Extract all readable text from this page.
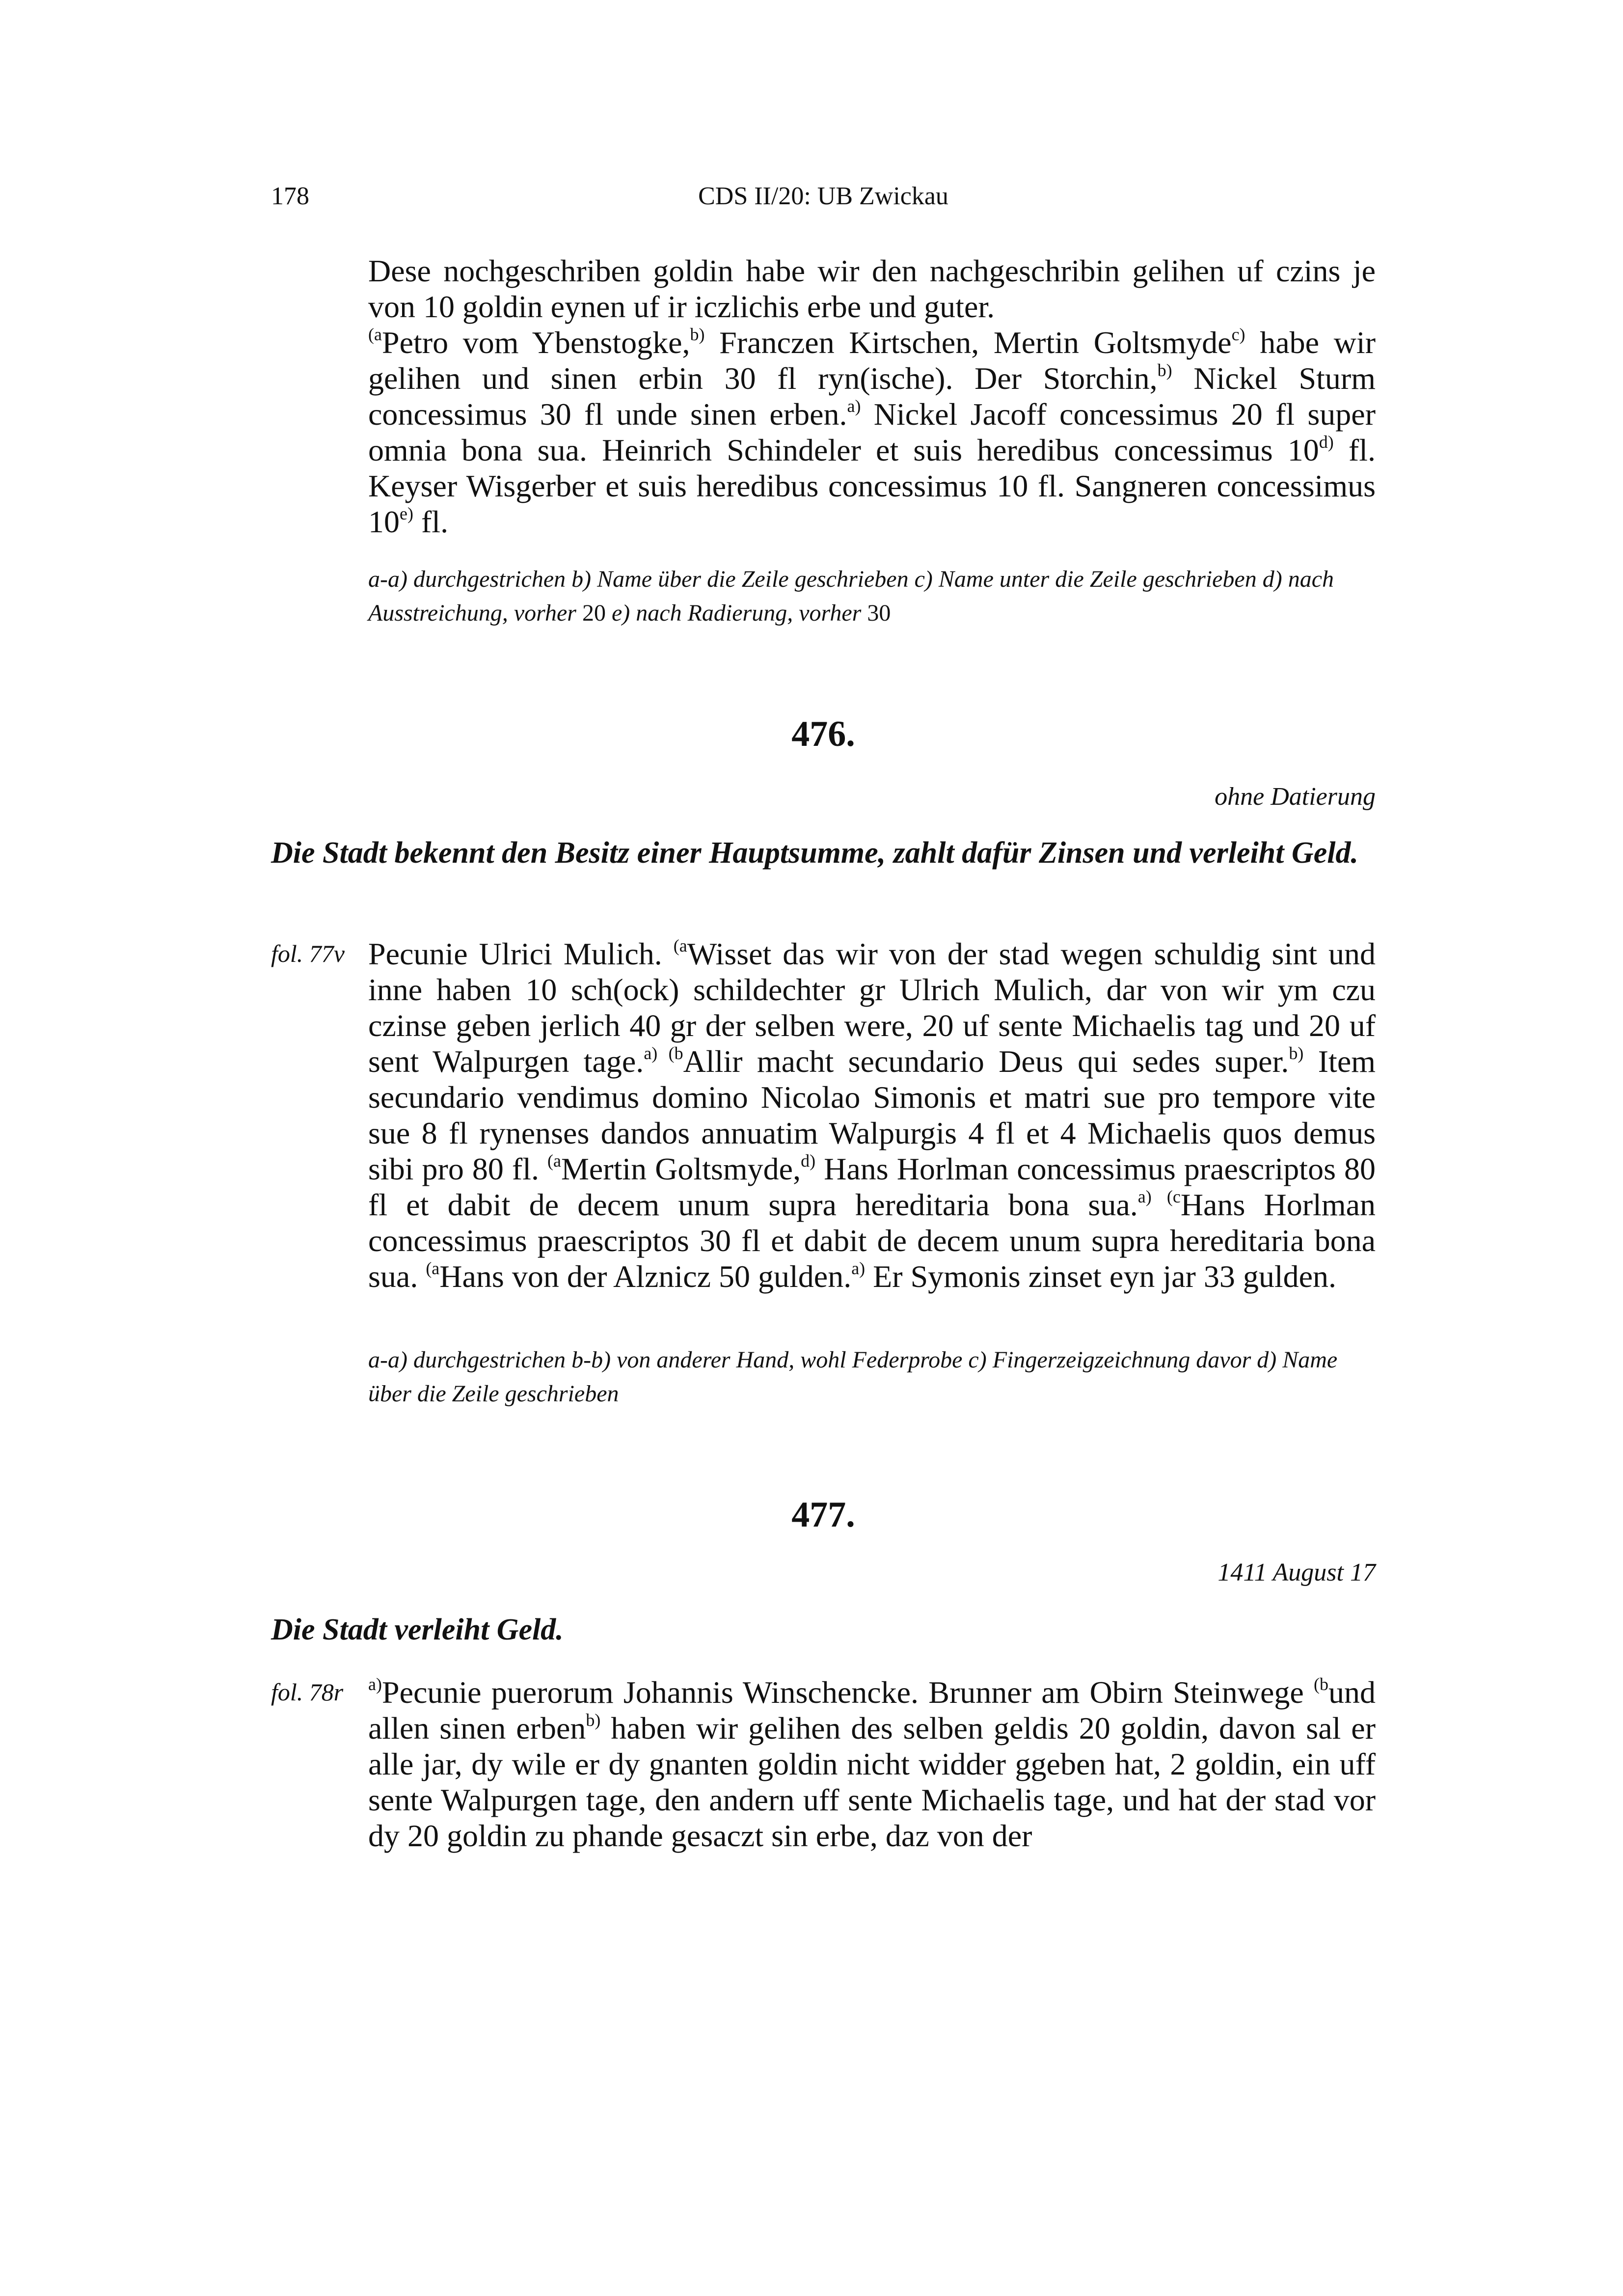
178	CDS II/20: UB Zwickau

Dese nochgeschriben goldin habe wir den nachgeschribin gelihen uf czins je von 10 goldin eynen uf ir iczlichis erbe und guter.

$^{(a}$Petro vom Ybenstogke,$^{b)}$ Franczen Kirtschen, Mertin Goltsmyde$^{c)}$ habe wir gelihen und sinen erbin 30 fl ryn(ische). Der Storchin,$^{b)}$ Nickel Sturm concessimus 30 fl unde sinen erben.$^{a)}$ Nickel Jacoff concessimus 20 fl super omnia bona sua. Heinrich Schindeler et suis heredibus concessimus 10$^{d)}$ fl. Keyser Wisgerber et suis heredibus concessimus 10 fl. Sangneren concessimus 10$^{e)}$ fl.

a-a) durchgestrichen b) Name über die Zeile geschrieben c) Name unter die Zeile geschrieben d) nach Ausstreichung, vorher 20 e) nach Radierung, vorher 30

476.
ohne Datierung
Die Stadt bekennt den Besitz einer Hauptsumme, zahlt dafür Zinsen und verleiht Geld.
fol. 77v Pecunie Ulrici Mulich. $^{(a}$Wisset das wir von der stad wegen schuldig sint und inne haben 10 sch(ock) schildechter gr Ulrich Mulich, dar von wir ym czu czinse geben jerlich 40 gr der selben were, 20 uf sente Michaelis tag und 20 uf sent Walpurgen tage.$^{a) (b}$Allir macht secundario Deus qui sedes super.$^{b)}$ Item secundario vendimus domino Nicolao Simonis et matri sue pro tempore vite sue 8 fl rynenses dandos annuatim Walpurgis 4 fl et 4 Michaelis quos demus sibi pro 80 fl. $^{(a}$Mertin Goltsmyde,$^{d)}$ Hans Horlman concessimus praescriptos 80 fl et dabit de decem unum supra hereditaria bona sua.$^{a) (c}$Hans Horlman concessimus praescriptos 30 fl et dabit de decem unum supra hereditaria bona sua. $^{(a}$Hans von der Alznicz 50 gulden.$^{a)}$ Er Symonis zinset eyn jar 33 gulden.

a-a) durchgestrichen b-b) von anderer Hand, wohl Federprobe c) Fingerzeigzeichnung davor d) Name über die Zeile geschrieben

477.
1411 August 17
Die Stadt verleiht Geld.
fol. 78r $^{a)}$Pecunie puerorum Johannis Winschencke. Brunner am Obirn Steinwege $^{(b}$und allen sinen erben$^{b)}$ haben wir gelihen des selben geldis 20 goldin, davon sal er alle jar, dy wile er dy gnanten goldin nicht widder ggeben hat, 2 goldin, ein uff sente Walpurgen tage, den andern uff sente Michaelis tage, und hat der stad vor dy 20 goldin zu phande gesaczt sin erbe, daz von der
